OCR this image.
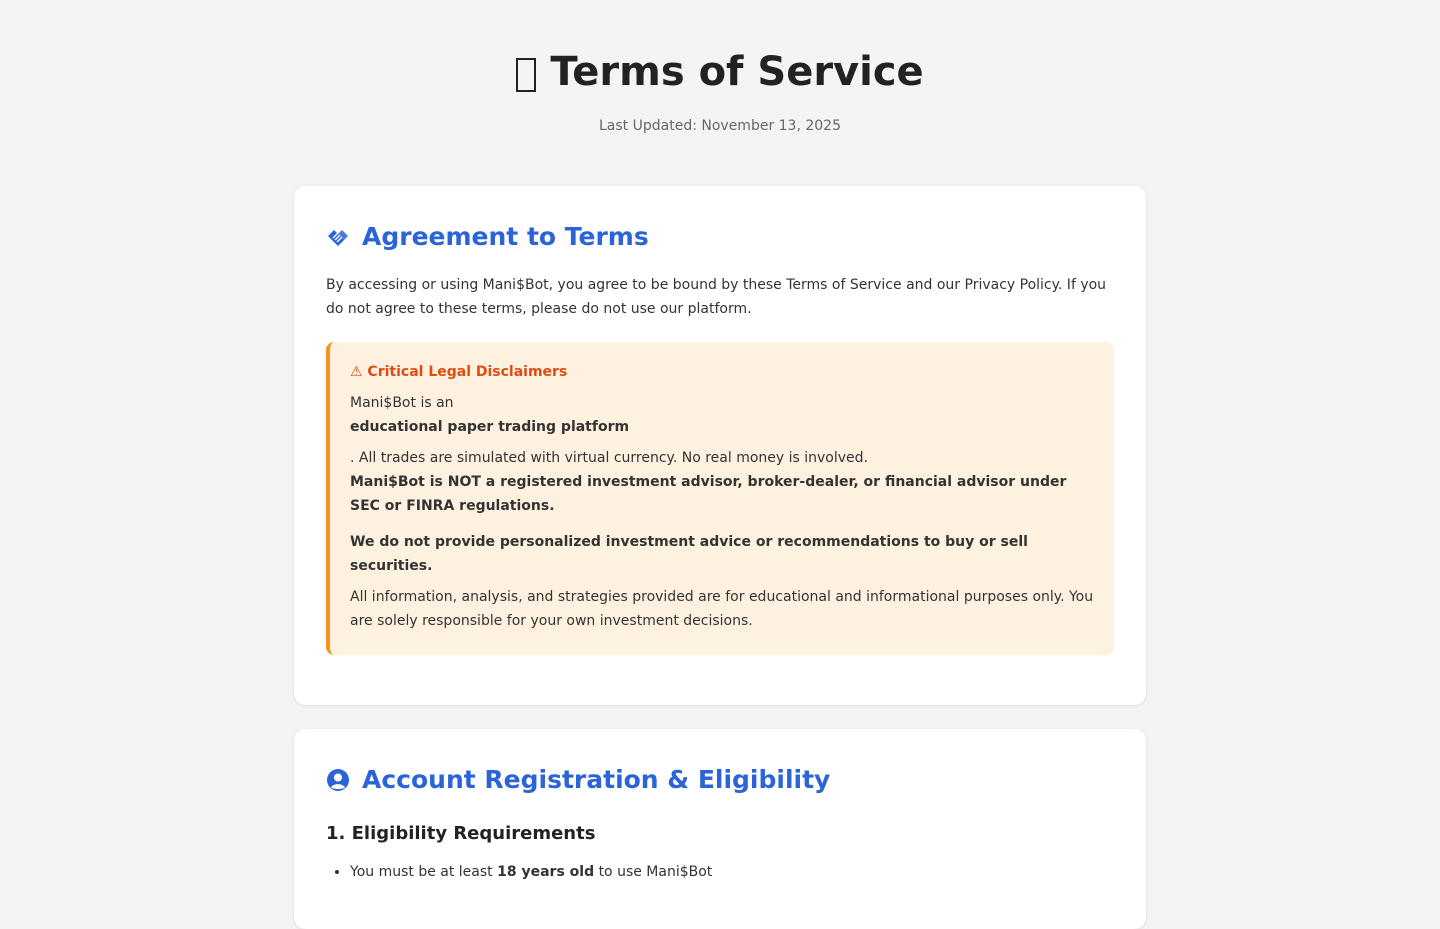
Terms of Service
Last Updated: November 13, 2025
Agreement to Terms

By accessing or using Mani$Bot, you agree to be bound by these Terms of Service and our Privacy Policy. If you do not agree to these terms, please do not use our platform.

⚠ Critical Legal Disclaimers

Mani$Bot is an

educational paper trading platform

. All trades are simulated with virtual currency. No real money is involved.

Mani$Bot is NOT a registered investment advisor, broker-dealer, or financial advisor under SEC or FINRA regulations.

We do not provide personalized investment advice or recommendations to buy or sell securities.

All information, analysis, and strategies provided are for educational and informational purposes only. You are solely responsible for your own investment decisions.

Account Registration & Eligibility
1. Eligibility Requirements
• You must be at least 18 years old to use Mani$Bot
